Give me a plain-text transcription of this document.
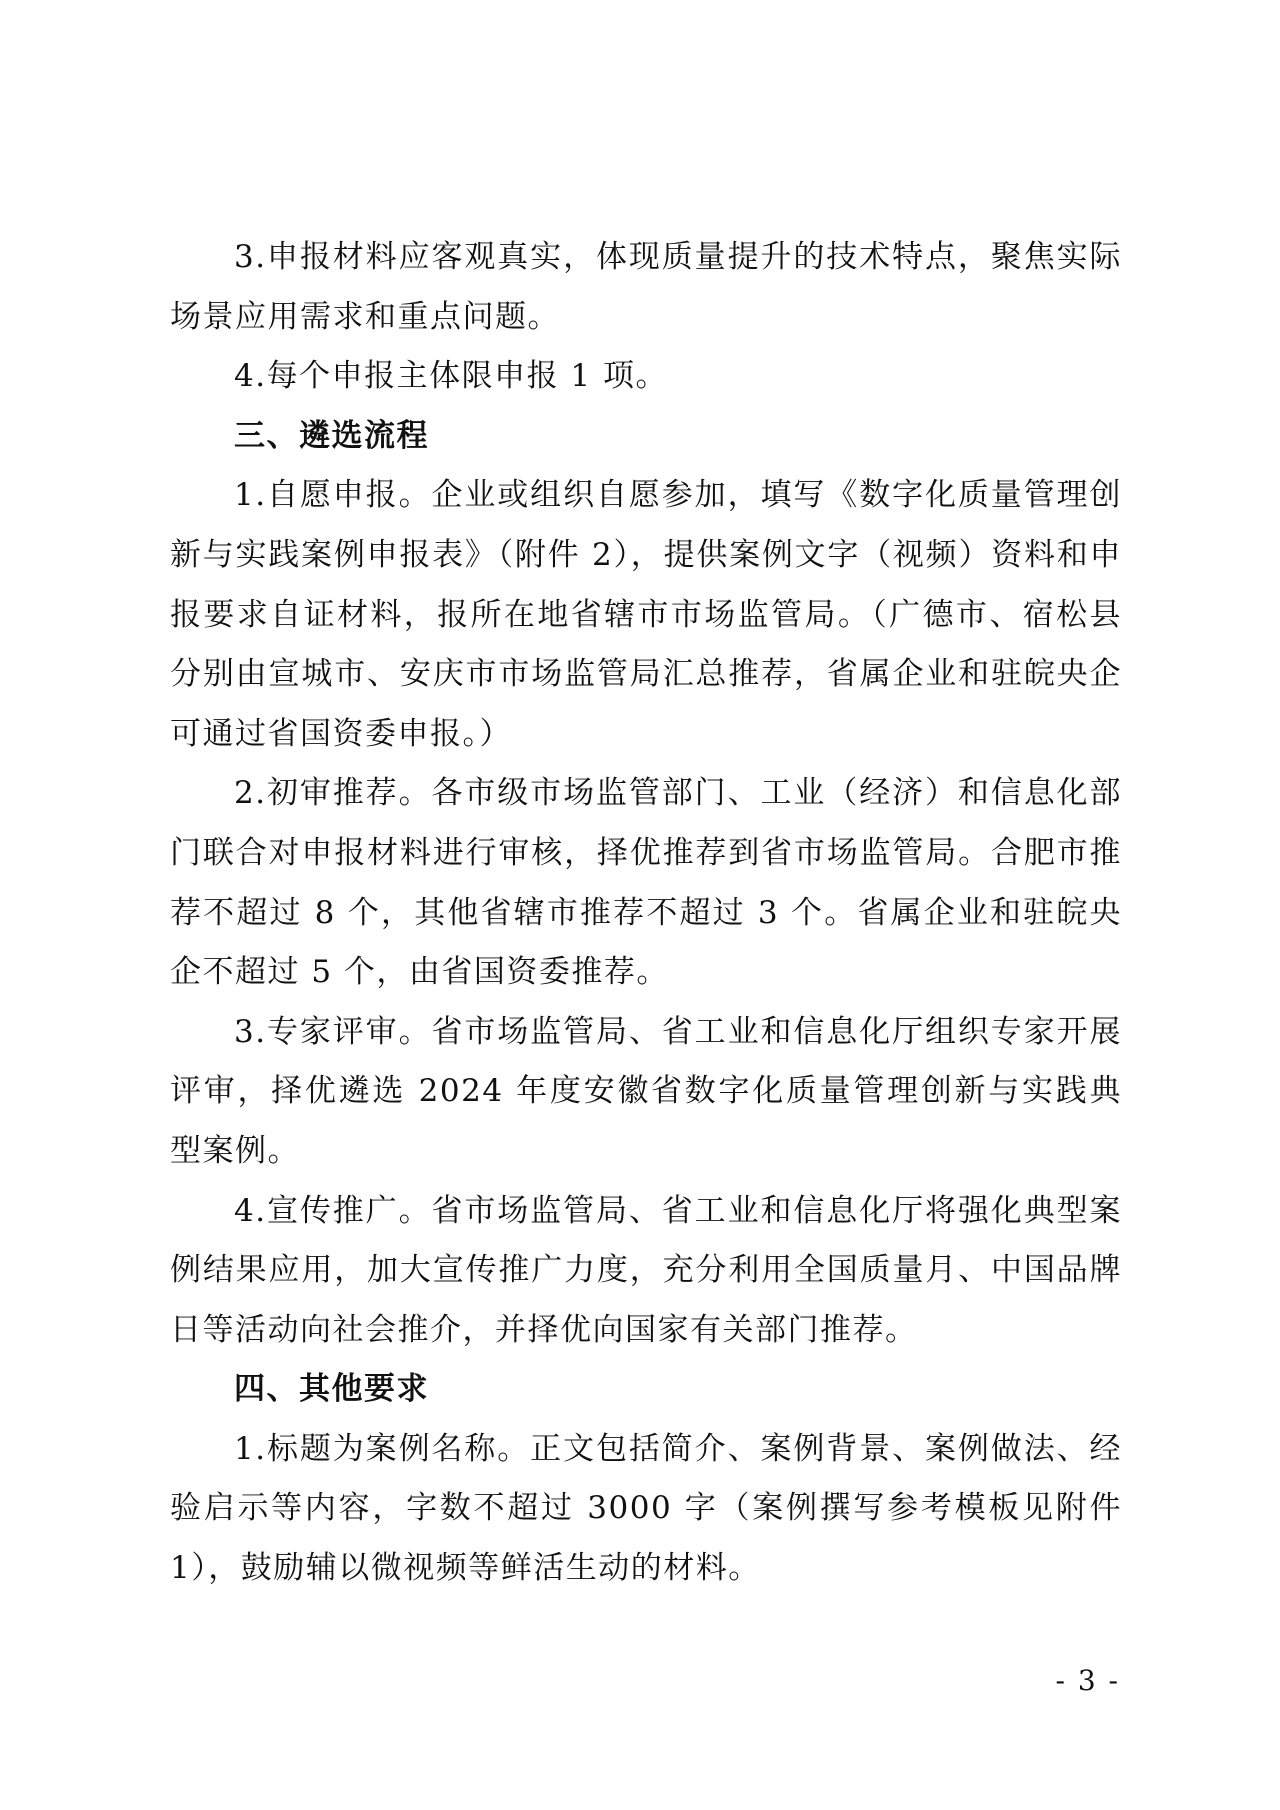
3.申报材料应客观真实，体现质量提升的技术特点，聚焦实际场景应用需求和重点问题。

4.每个申报主体限申报 1 项。

三、遴选流程

1.自愿申报。企业或组织自愿参加，填写《数字化质量管理创新与实践案例申报表》（附件 2），提供案例文字（视频）资料和申报要求自证材料，报所在地省辖市市场监管局。（广德市、宿松县分别由宣城市、安庆市市场监管局汇总推荐，省属企业和驻皖央企可通过省国资委申报。）

2.初审推荐。各市级市场监管部门、工业（经济）和信息化部门联合对申报材料进行审核，择优推荐到省市场监管局。合肥市推荐不超过 8 个，其他省辖市推荐不超过 3 个。省属企业和驻皖央企不超过 5 个，由省国资委推荐。

3.专家评审。省市场监管局、省工业和信息化厅组织专家开展评审，择优遴选 2024 年度安徽省数字化质量管理创新与实践典型案例。

4.宣传推广。省市场监管局、省工业和信息化厅将强化典型案例结果应用，加大宣传推广力度，充分利用全国质量月、中国品牌日等活动向社会推介，并择优向国家有关部门推荐。

四、其他要求

1.标题为案例名称。正文包括简介、案例背景、案例做法、经验启示等内容，字数不超过 3000 字（案例撰写参考模板见附件 1），鼓励辅以微视频等鲜活生动的材料。

- 3 -
